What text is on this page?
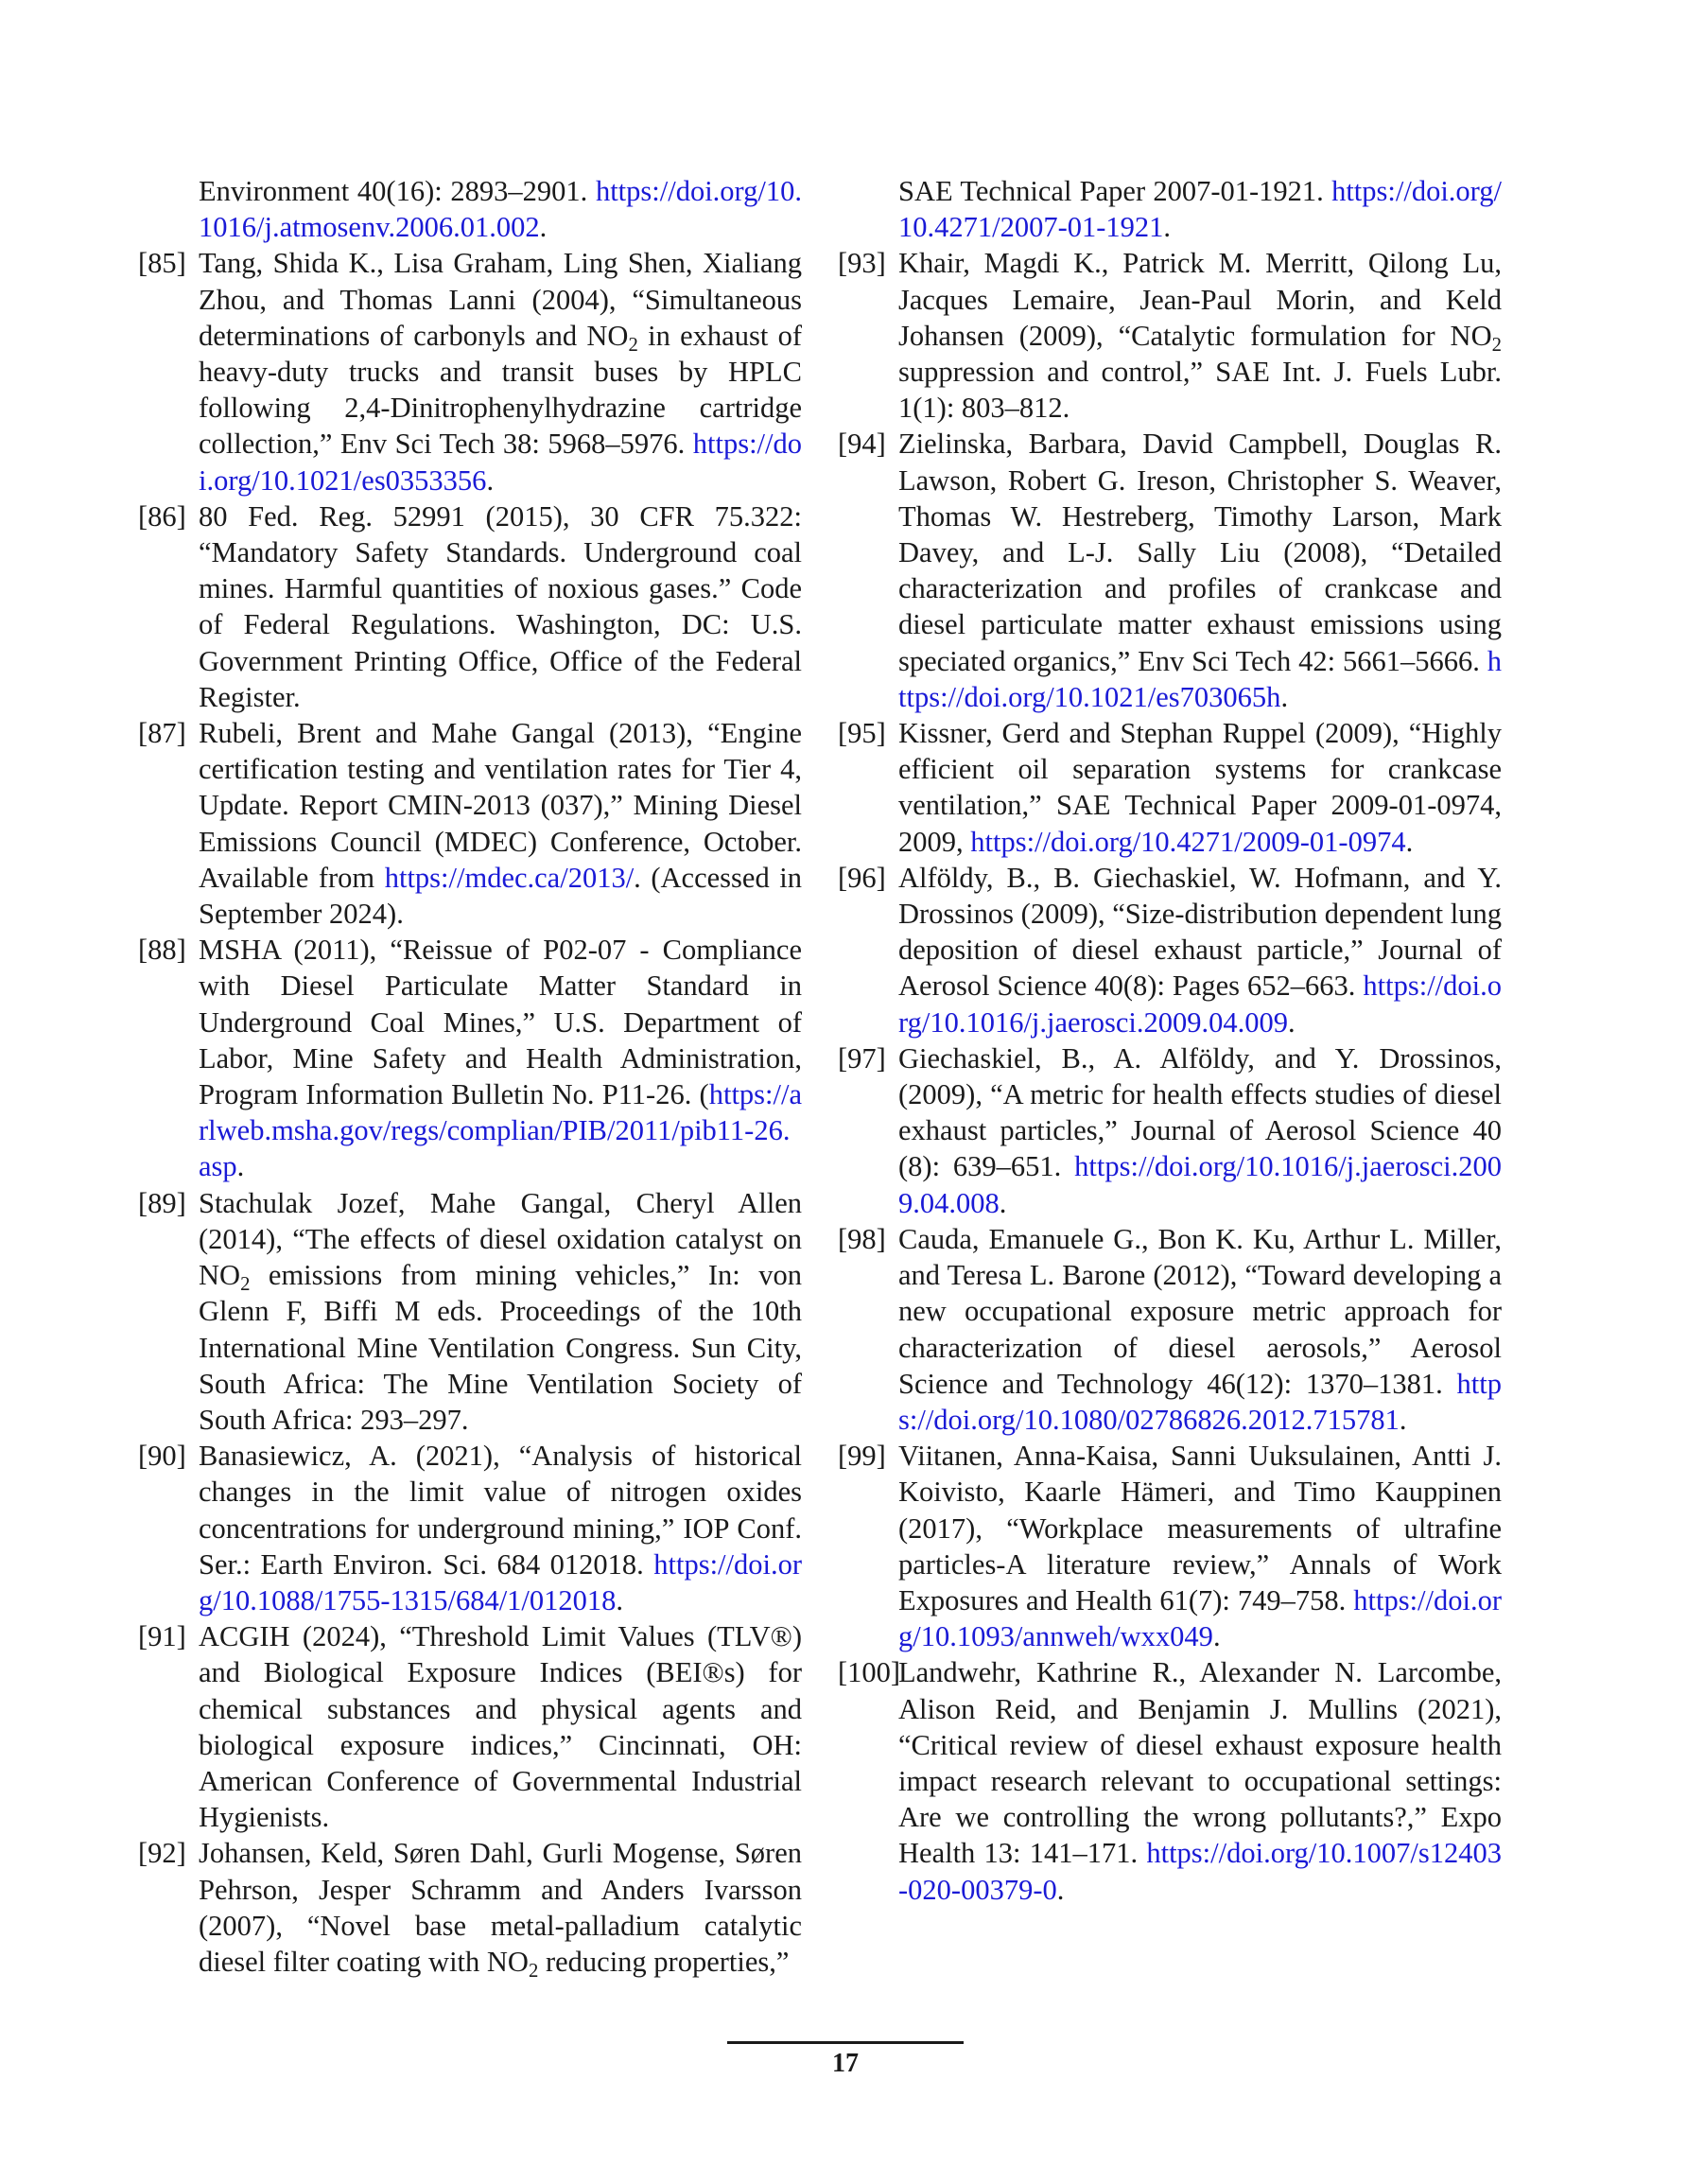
Environment 40(16): 2893–2901. https://doi.org/10.1016/j.atmosenv.2006.01.002.

[85] Tang, Shida K., Lisa Graham, Ling Shen, Xialiang Zhou, and Thomas Lanni (2004), “Simultaneous determinations of carbonyls and $NO_2$ in exhaust of heavy-duty trucks and transit buses by HPLC following 2,4-Dinitrophenylhydrazine cartridge collection,” Env Sci Tech 38: 5968–5976. https://doi.org/10.1021/es0353356.

[86] 80 Fed. Reg. 52991 (2015), 30 CFR 75.322: “Mandatory Safety Standards. Underground coal mines. Harmful quantities of noxious gases.” Code of Federal Regulations. Washington, DC: U.S. Government Printing Office, Office of the Federal Register.

[87] Rubeli, Brent and Mahe Gangal (2013), “Engine certification testing and ventilation rates for Tier 4, Update. Report CMIN-2013 (037),” Mining Diesel Emissions Council (MDEC) Conference, October. Available from https://mdec.ca/2013/. (Accessed in September 2024).

[88] MSHA (2011), “Reissue of P02-07 - Compliance with Diesel Particulate Matter Standard in Underground Coal Mines,” U.S. Department of Labor, Mine Safety and Health Administration, Program Information Bulletin No. P11-26. (https://arlweb.msha.gov/regs/complian/PIB/2011/pib11-26.asp.

[89] Stachulak Jozef, Mahe Gangal, Cheryl Allen (2014), “The effects of diesel oxidation catalyst on $NO_2$ emissions from mining vehicles,” In: von Glenn F, Biffi M eds. Proceedings of the 10th International Mine Ventilation Congress. Sun City, South Africa: The Mine Ventilation Society of South Africa: 293–297.

[90] Banasiewicz, A. (2021), “Analysis of historical changes in the limit value of nitrogen oxides concentrations for underground mining,” IOP Conf. Ser.: Earth Environ. Sci. 684 012018. https://doi.org/10.1088/1755-1315/684/1/012018.

[91] ACGIH (2024), “Threshold Limit Values (TLV®) and Biological Exposure Indices (BEI®s) for chemical substances and physical agents and biological exposure indices,” Cincinnati, OH: American Conference of Governmental Industrial Hygienists.

[92] Johansen, Keld, Søren Dahl, Gurli Mogense, Søren Pehrson, Jesper Schramm and Anders Ivarsson (2007), “Novel base metal-palladium catalytic diesel filter coating with $NO_2$ reducing properties,”

SAE Technical Paper 2007-01-1921. https://doi.org/10.4271/2007-01-1921.

[93] Khair, Magdi K., Patrick M. Merritt, Qilong Lu, Jacques Lemaire, Jean-Paul Morin, and Keld Johansen (2009), “Catalytic formulation for $NO_2$ suppression and control,” SAE Int. J. Fuels Lubr. 1(1): 803–812.

[94] Zielinska, Barbara, David Campbell, Douglas R. Lawson, Robert G. Ireson, Christopher S. Weaver, Thomas W. Hestreberg, Timothy Larson, Mark Davey, and L-J. Sally Liu (2008), “Detailed characterization and profiles of crankcase and diesel particulate matter exhaust emissions using speciated organics,” Env Sci Tech 42: 5661–5666. https://doi.org/10.1021/es703065h.

[95] Kissner, Gerd and Stephan Ruppel (2009), “Highly efficient oil separation systems for crankcase ventilation,” SAE Technical Paper 2009-01-0974, 2009, https://doi.org/10.4271/2009-01-0974.

[96] Alföldy, B., B. Giechaskiel, W. Hofmann, and Y. Drossinos (2009), “Size-distribution dependent lung deposition of diesel exhaust particle,” Journal of Aerosol Science 40(8): Pages 652–663. https://doi.org/10.1016/j.jaerosci.2009.04.009.

[97] Giechaskiel, B., A. Alföldy, and Y. Drossinos, (2009), “A metric for health effects studies of diesel exhaust particles,” Journal of Aerosol Science 40 (8): 639–651. https://doi.org/10.1016/j.jaerosci.2009.04.008.

[98] Cauda, Emanuele G., Bon K. Ku, Arthur L. Miller, and Teresa L. Barone (2012), “Toward developing a new occupational exposure metric approach for characterization of diesel aerosols,” Aerosol Science and Technology 46(12): 1370–1381. https://doi.org/10.1080/02786826.2012.715781.

[99] Viitanen, Anna-Kaisa, Sanni Uuksulainen, Antti J. Koivisto, Kaarle Hämeri, and Timo Kauppinen (2017), “Workplace measurements of ultrafine particles-A literature review,” Annals of Work Exposures and Health 61(7): 749–758. https://doi.org/10.1093/annweh/wxx049.

[100]
Landwehr, Kathrine R., Alexander N. Larcombe, Alison Reid, and Benjamin J. Mullins (2021), “Critical review of diesel exhaust exposure health impact research relevant to occupational settings: Are we controlling the wrong pollutants?,” Expo Health 13: 141–171. https://doi.org/10.1007/s12403-020-00379-0.

17
